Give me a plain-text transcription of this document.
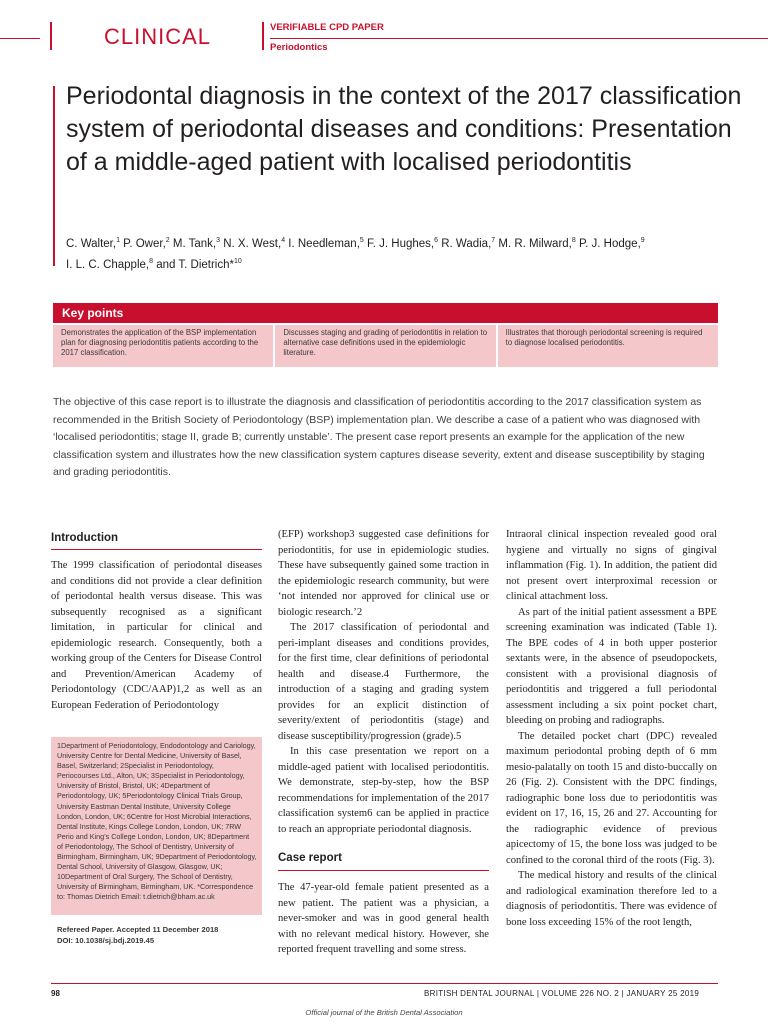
CLINICAL	VERIFIABLE CPD PAPER
Periodontics
Periodontal diagnosis in the context of the 2017 classification system of periodontal diseases and conditions: Presentation of a middle-aged patient with localised periodontitis
C. Walter,$^1$ P. Ower,$^2$ M. Tank,$^3$ N. X. West,$^4$ I. Needleman,$^5$ F. J. Hughes,$^6$ R. Wadia,$^7$ M. R. Milward,$^8$ P. J. Hodge,$^9$
I. L. C. Chapple,$^8$ and T. Dietrich*$^{10}$
Key points
Demonstrates the application of the BSP implementation plan for diagnosing periodontitis patients according to the 2017 classification.
Discusses staging and grading of periodontitis in relation to alternative case definitions used in the epidemiologic literature.
Illustrates that thorough periodontal screening is required to diagnose localised periodontitis.
The objective of this case report is to illustrate the diagnosis and classification of periodontitis according to the 2017 classification system as recommended in the British Society of Periodontology (BSP) implementation plan. We describe a case of a patient who was diagnosed with ‘localised periodontitis; stage II, grade B; currently unstable’. The present case report presents an example for the application of the new classification system and illustrates how the new classification system captures disease severity, extent and disease susceptibility by staging and grading periodontitis.
Introduction

The 1999 classification of periodontal diseases and conditions did not provide a clear definition of periodontal health versus disease. This was subsequently recognised as a significant limitation, in particular for clinical and epidemiologic research. Consequently, both a working group of the Centers for Disease Control and Prevention/American Academy of Periodontology (CDC/AAP)1,2 as well as an European Federation of Periodontology

1Department of Periodontology, Endodontology and Cariology, University Centre for Dental Medicine, University of Basel, Basel, Switzerland; 2Specialist in Periodontology, Periocourses Ltd., Alton, UK; 3Specialist in Periodontology, University of Bristol, Bristol, UK; 4Department of Periodontology, UK; 5Periodontology Clinical Trials Group, University Eastman Dental Institute, University College London, London, UK; 6Centre for Host Microbial Interactions, Dental Institute, Kings College London, London, UK; 7RW Perio and King’s College London, London, UK; 8Department of Periodontology, The School of Dentistry, University of Birmingham, Birmingham, UK; 9Department of Periodontology, Dental School, University of Glasgow, Glasgow, UK; 10Department of Oral Surgery, The School of Dentistry, University of Birmingham, Birmingham, UK. *Correspondence to: Thomas Dietrich Email: t.dietrich@bham.ac.uk
Refereed Paper. Accepted 11 December 2018
DOI: 10.1038/sj.bdj.2019.45

(EFP) workshop3 suggested case definitions for periodontitis, for use in epidemiologic studies. These have subsequently gained some traction in the epidemiologic research community, but were ‘not intended nor approved for clinical use or biologic research.’2

The 2017 classification of periodontal and peri-implant diseases and conditions provides, for the first time, clear definitions of periodontal health and disease.4 Furthermore, the introduction of a staging and grading system provides for an explicit distinction of severity/extent of periodontitis (stage) and disease susceptibility/progression (grade).5

In this case presentation we report on a middle-aged patient with localised periodontitis. We demonstrate, step-by-step, how the BSP recommendations for implementation of the 2017 classification system6 can be applied in practice to reach an appropriate periodontal diagnosis.

Case report

The 47-year-old female patient presented as a new patient. The patient was a physician, a never-smoker and was in good general health with no relevant medical history. However, she reported frequent travelling and some stress.

Intraoral clinical inspection revealed good oral hygiene and virtually no signs of gingival inflammation (Fig. 1). In addition, the patient did not present overt interproximal recession or clinical attachment loss.

As part of the initial patient assessment a BPE screening examination was indicated (Table 1). The BPE codes of 4 in both upper posterior sextants were, in the absence of pseudopockets, consistent with a provisional diagnosis of periodontitis and triggered a full periodontal assessment including a six point pocket chart, bleeding on probing and radiographs.

The detailed pocket chart (DPC) revealed maximum periodontal probing depth of 6 mm mesio-palatally on tooth 15 and disto-buccally on 26 (Fig. 2). Consistent with the DPC findings, radiographic bone loss due to periodontitis was evident on 17, 16, 15, 26 and 27. Accounting for the radiographic evidence of previous apicectomy of 15, the bone loss was judged to be confined to the coronal third of the roots (Fig. 3).

The medical history and results of the clinical and radiological examination therefore led to a diagnosis of periodontitis. There was evidence of bone loss exceeding 15% of the root length,

98	BRITISH DENTAL JOURNAL | VOLUME 226 NO. 2 | JANUARY 25 2019
Official journal of the British Dental Association
